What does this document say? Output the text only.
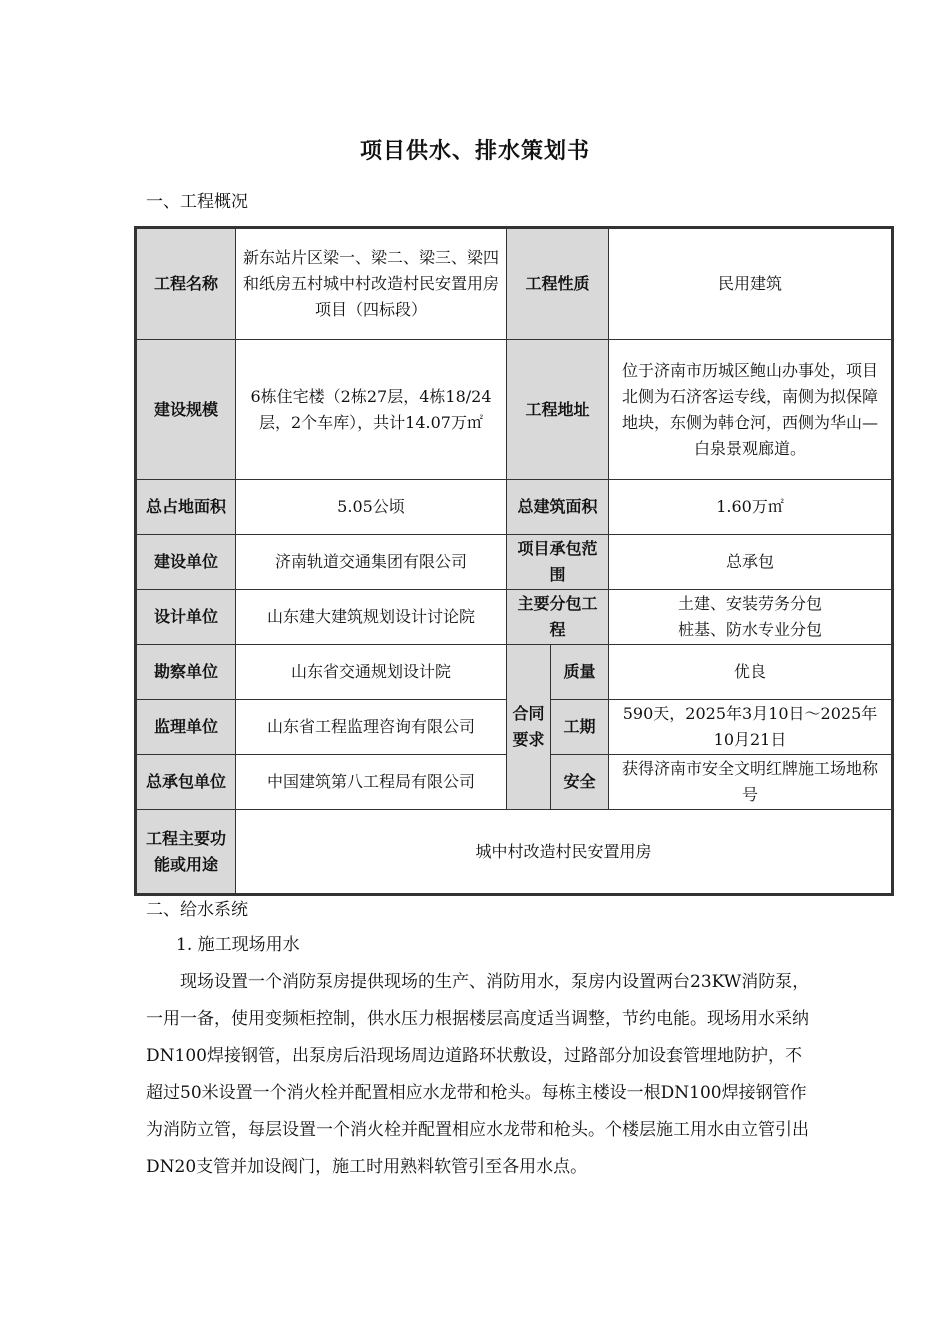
项目供水、排水策划书
一、工程概况
工程名称	新东站片区梁一、梁二、梁三、梁四和纸房五村城中村改造村民安置用房项目（四标段）	工程性质		民用建筑
建设规模	6栋住宅楼（2栋27层，4栋18/24层，2个车库），共计14.07万㎡	工程地址		位于济南市历城区鲍山办事处，项目北侧为石济客运专线，南侧为拟保障地块，东侧为韩仓河，西侧为华山—白泉景观廊道。
总占地面积	5.05公顷	总建筑面积		1.60万㎡
建设单位	济南轨道交通集团有限公司	项目承包范围		总承包
设计单位	山东建大建筑规划设计讨论院	主要分包工程		土建、安装劳务分包
桩基、防水专业分包

勘察单位	山东省交通规划设计院	合同要求	质量	优良
监理单位	山东省工程监理咨询有限公司		工期	590天，2025年3月10日～2025年10月21日
总承包单位	中国建筑第八工程局有限公司		安全	获得济南市安全文明红牌施工场地称号
工程主要功能或用途	城中村改造村民安置用房			
二、给水系统
1. 施工现场用水
现场设置一个消防泵房提供现场的生产、消防用水，泵房内设置两台23KW消防泵，一用一备，使用变频柜控制，供水压力根据楼层高度适当调整，节约电能。现场用水采纳DN100焊接钢管，出泵房后沿现场周边道路环状敷设，过路部分加设套管埋地防护，不超过50米设置一个消火栓并配置相应水龙带和枪头。每栋主楼设一根DN100焊接钢管作为消防立管，每层设置一个消火栓并配置相应水龙带和枪头。个楼层施工用水由立管引出DN20支管并加设阀门，施工时用熟料软管引至各用水点。
